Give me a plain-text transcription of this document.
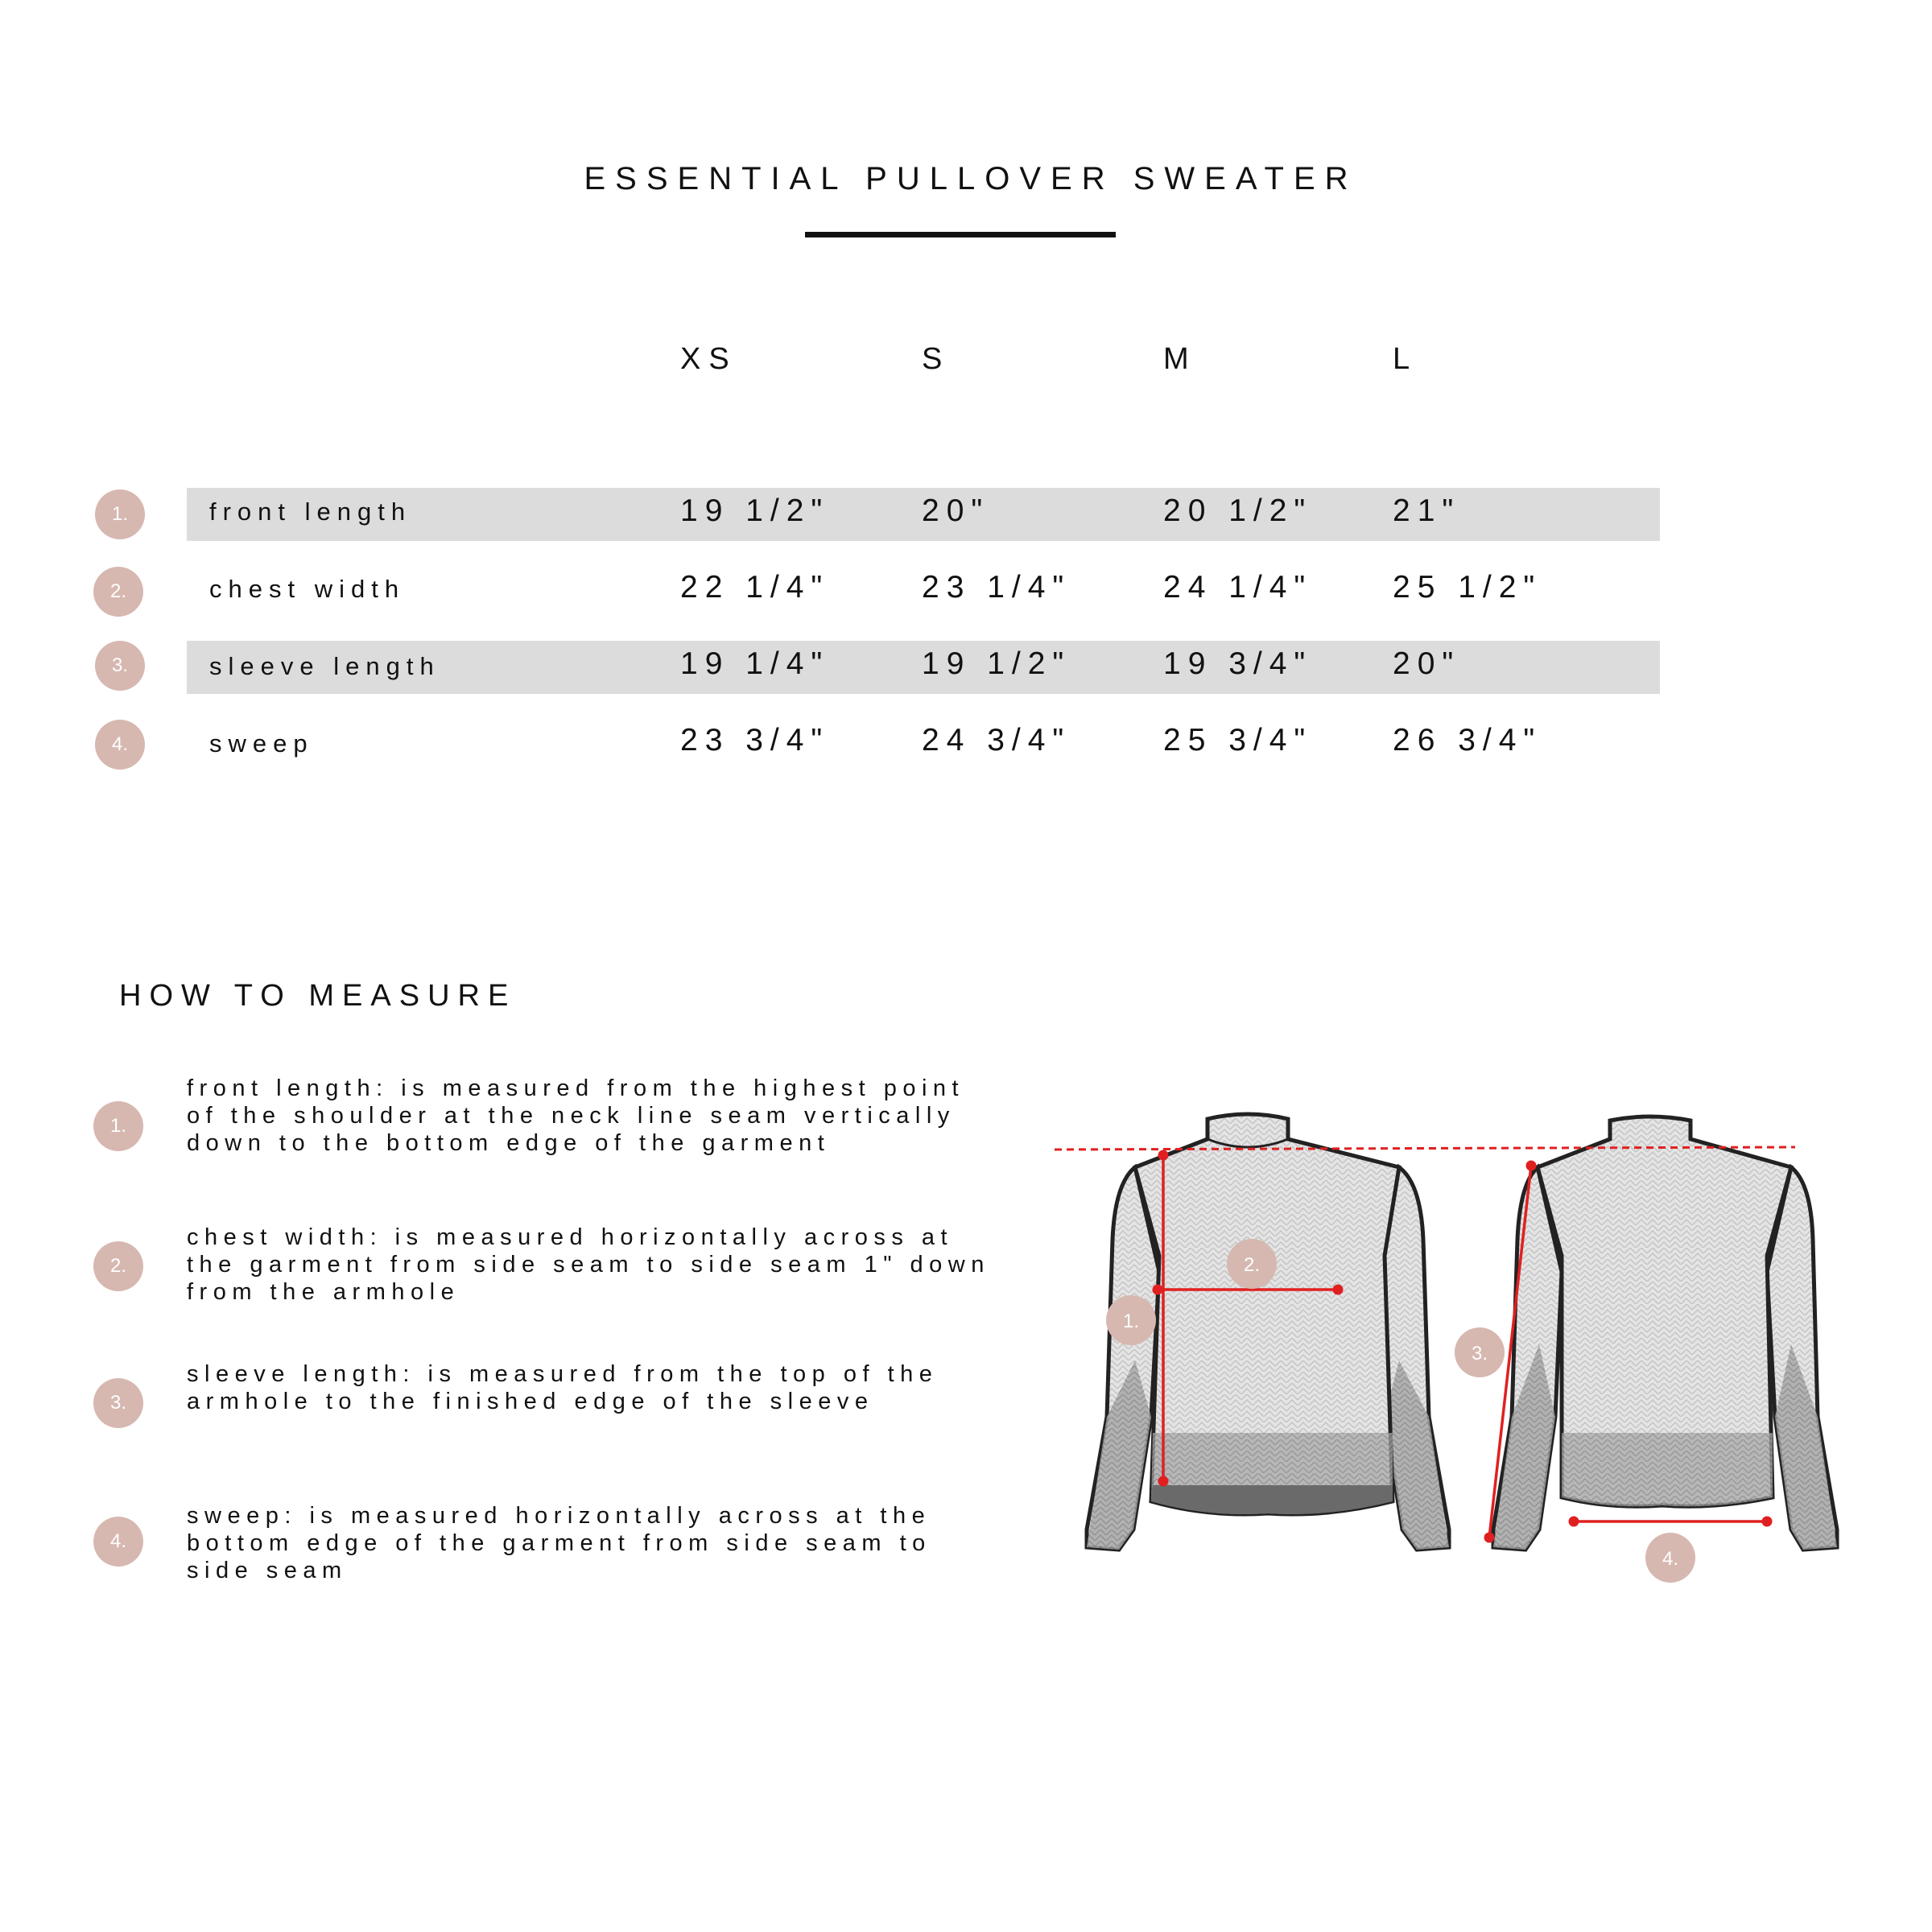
ESSENTIAL PULLOVER SWEATER
XS	S	M	L
1.	front length	19 1/2"	20"	20 1/2"	21"
2.	chest width	22 1/4"	23 1/4"	24 1/4"	25 1/2"
3.	sleeve length	19 1/4"	19 1/2"	19 3/4"	20"
4.	sweep	23 3/4"	24 3/4"	25 3/4"	26 3/4"
HOW TO MEASURE
1.
front length: is measured from the highest point of the shoulder at the neck line seam vertically down to the bottom edge of the garment
2.
chest width: is measured horizontally across at the garment from side seam to side seam 1" down from the armhole
3.
sleeve length: is measured from the top of the armhole to the finished edge of the sleeve
4.
sweep: is measured horizontally across at the bottom edge of the garment from side seam to side seam
1.
2.
3.
4.
